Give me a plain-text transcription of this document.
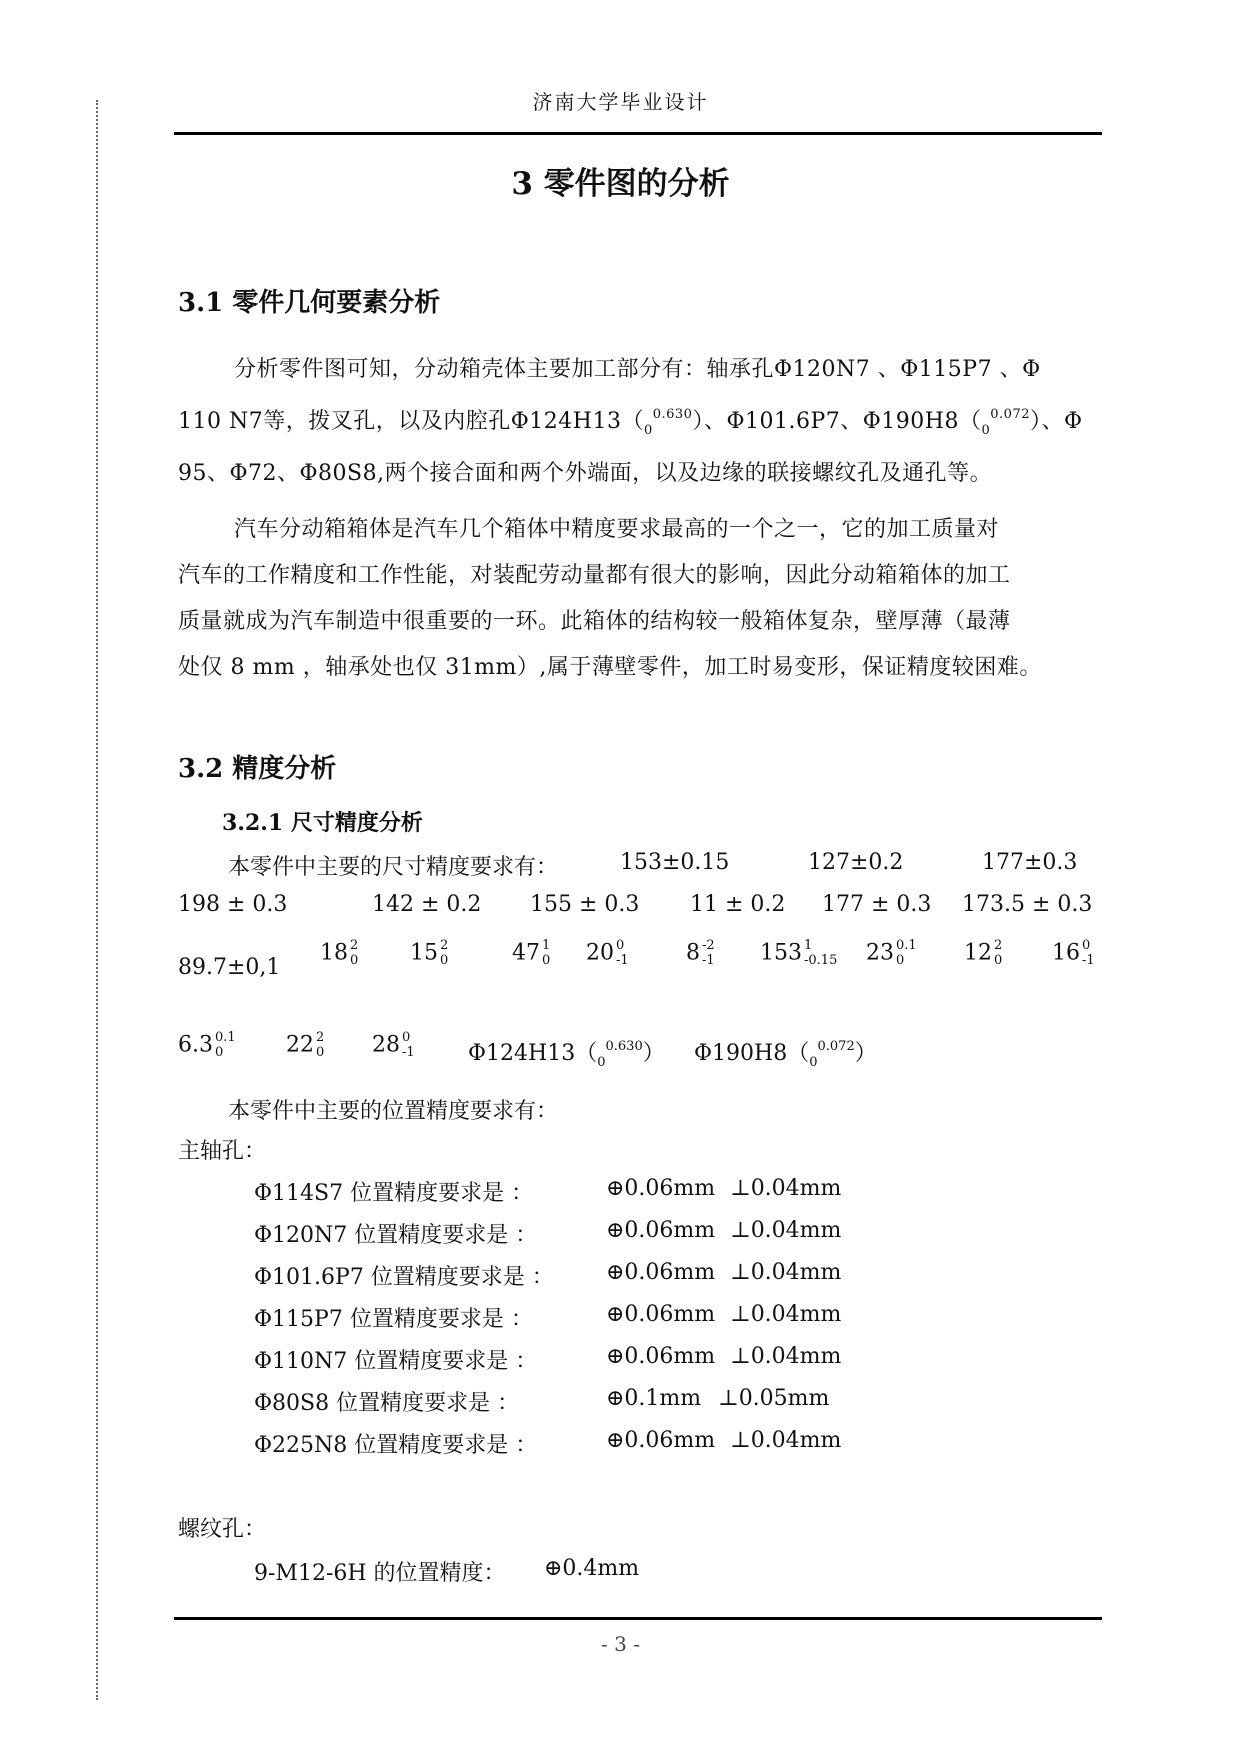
济南大学毕业设计
3 零件图的分析
3.1 零件几何要素分析
分析零件图可知，分动箱壳体主要加工部分有：轴承孔Φ120N7 、Φ115P7 、Φ
110 N7等，拨叉孔，以及内腔孔$\Phi 124H13(_0^{0.630})$、Φ101.6P7、$\Phi 190H8(_0^{0.072})$、Φ
95、Φ72、Φ80S8,两个接合面和两个外端面，以及边缘的联接螺纹孔及通孔等。
汽车分动箱箱体是汽车几个箱体中精度要求最高的一个之一，它的加工质量对
汽车的工作精度和工作性能，对装配劳动量都有很大的影响，因此分动箱箱体的加工
质量就成为汽车制造中很重要的一环。此箱体的结构较一般箱体复杂，壁厚薄（最薄
处仅 8 mm ，轴承处也仅 31mm）,属于薄壁零件，加工时易变形，保证精度较困难。
3.2 精度分析
3.2.1 尺寸精度分析
本零件中主要的尺寸精度要求有：	153±0.15	127±0.2	177±0.3
198 ± 0.3	142 ± 0.2 155 ± 0.3 11 ± 0.2 177 ± 0.3 173.5 ± 0.3
89.7±0,1
18 2
0 15 2
0	47 1
0 20 0
-1	8 -2
-1 153 1
-0.15 23 0.1
0	12 2
0 16 0
-1
6.3 0.1
0	22 2
0 28 0
-1 $\Phi 124H13(_0^{0.630})$ $\Phi 190H8(_0^{0.072})$
本零件中主要的位置精度要求有：
主轴孔：
Φ114S7 位置精度要求是 ：	⊕0.06mm ⊥0.04mm
Φ120N7 位置精度要求是 ：	⊕0.06mm ⊥0.04mm
Φ101.6P7 位置精度要求是 ： ⊕0.06mm ⊥0.04mm
Φ115P7 位置精度要求是 ：	⊕0.06mm ⊥0.04mm
Φ110N7 位置精度要求是 ：	⊕0.06mm ⊥0.04mm
Φ80S8 位置精度要求是 ：	⊕0.1mm ⊥0.05mm
Φ225N8 位置精度要求是 ：	⊕0.06mm ⊥0.04mm
螺纹孔：
9-M12-6H 的位置精度： ⊕0.4mm
- 3 -
